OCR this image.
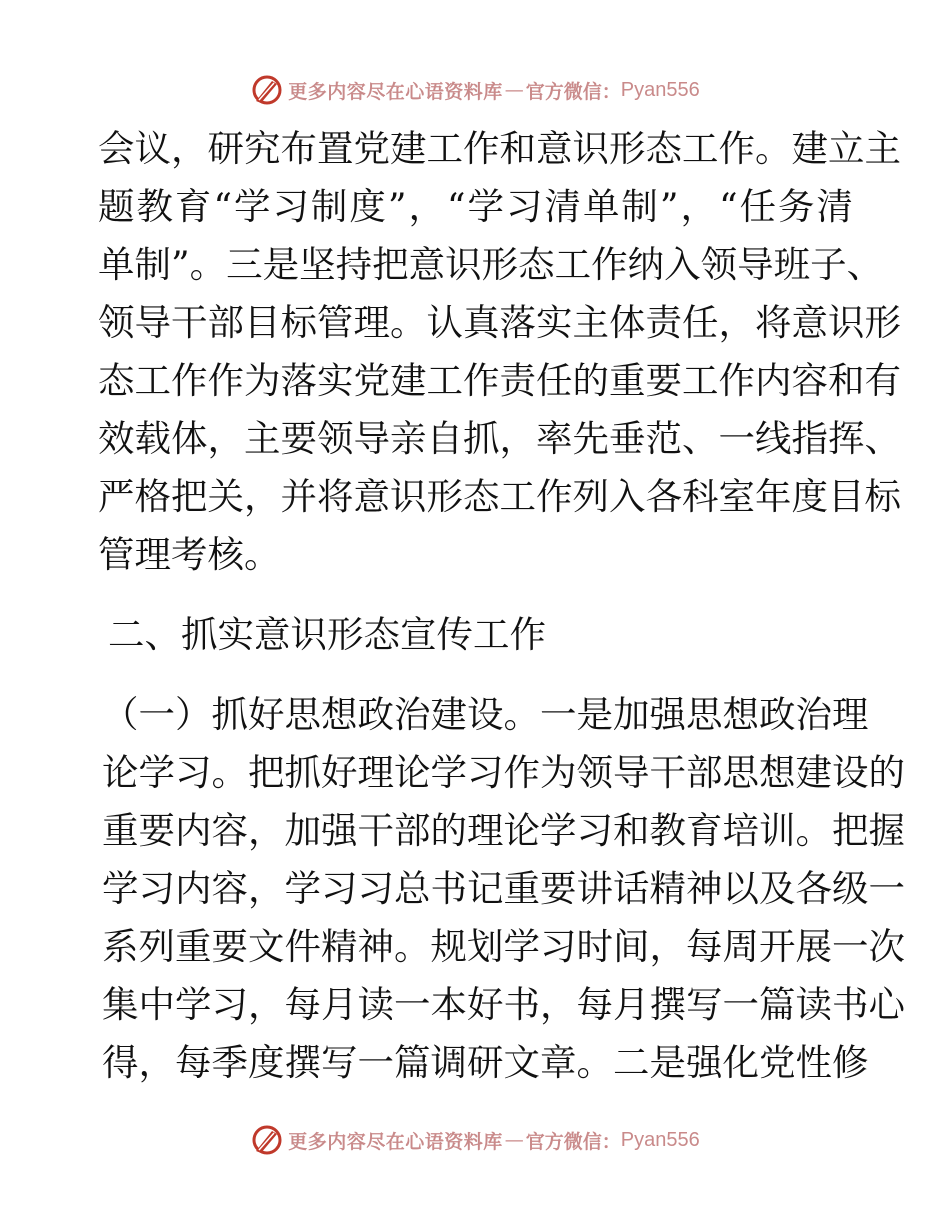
更多内容尽在心语资料库 — 官方微信： Pyan556
会议，研究布置党建工作和意识形态工作。建立主
题教育“学习制度”，“学习清单制”，“任务清
单制”。三是坚持把意识形态工作纳入领导班子、
领导干部目标管理。认真落实主体责任，将意识形
态工作作为落实党建工作责任的重要工作内容和有
效载体，主要领导亲自抓，率先垂范、一线指挥、
严格把关，并将意识形态工作列入各科室年度目标
管理考核。
二、抓实意识形态宣传工作
（一）抓好思想政治建设。一是加强思想政治理
论学习。把抓好理论学习作为领导干部思想建设的
重要内容，加强干部的理论学习和教育培训。把握
学习内容，学习习总书记重要讲话精神以及各级一
系列重要文件精神。规划学习时间，每周开展一次
集中学习，每月读一本好书，每月撰写一篇读书心
得，每季度撰写一篇调研文章。二是强化党性修
更多内容尽在心语资料库 — 官方微信： Pyan556
